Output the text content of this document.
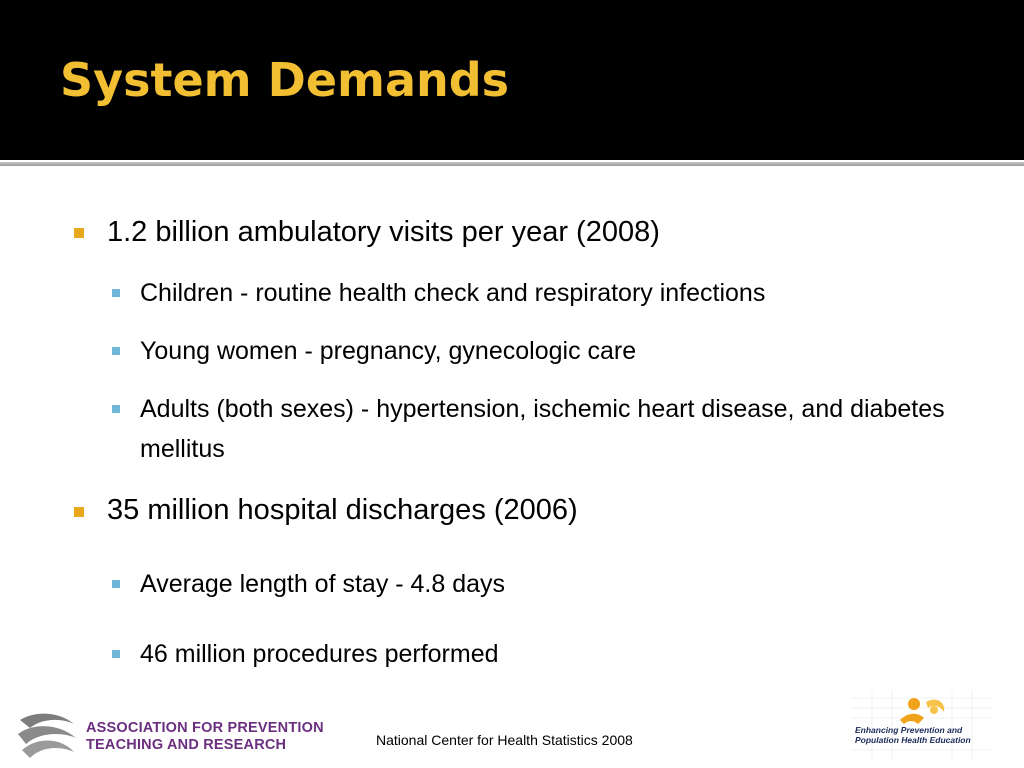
System Demands
1.2 billion ambulatory visits per year (2008)
Children - routine health check and respiratory infections
Young women - pregnancy, gynecologic care
Adults (both sexes) - hypertension, ischemic heart disease, and diabetes mellitus
35 million hospital discharges (2006)
Average length of stay - 4.8 days
46 million procedures performed
ASSOCIATION FOR PREVENTION
TEACHING AND RESEARCH	National Center for Health Statistics 2008
Enhancing Prevention and
Population Health Education
